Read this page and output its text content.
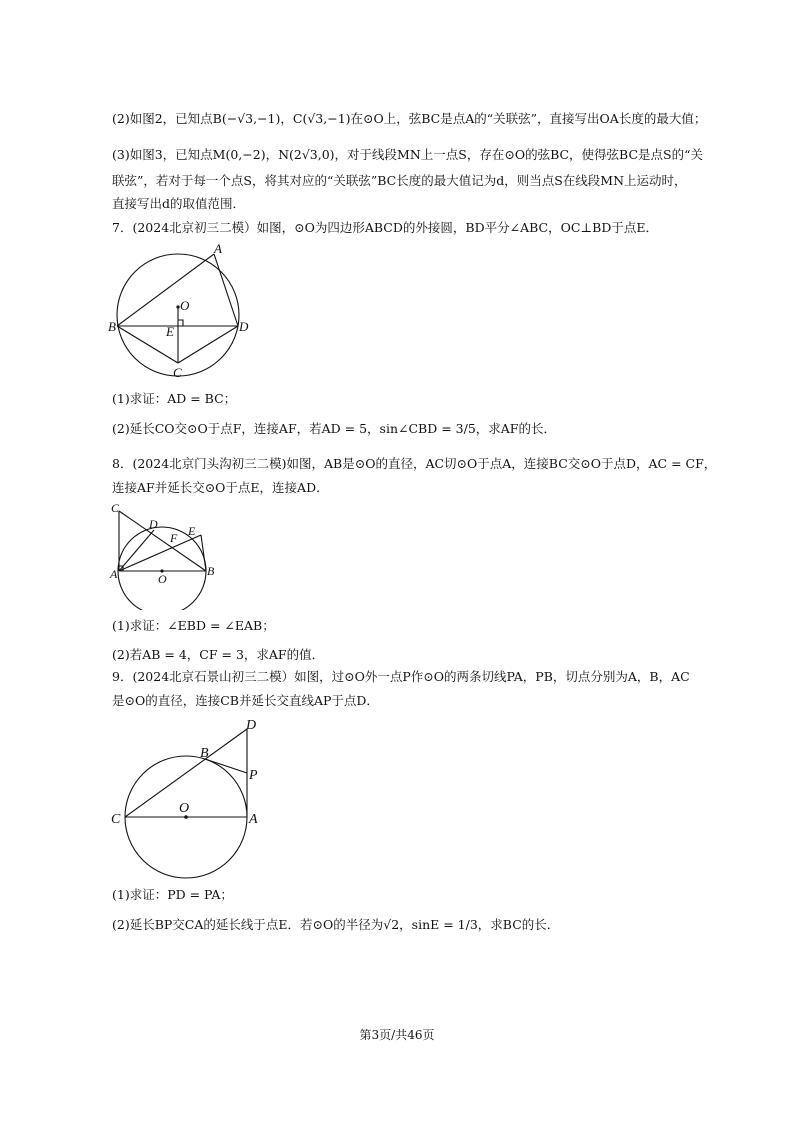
(2)如图2，已知点B(−√3,−1)，C(√3,−1)在⊙O上，弦BC是点A的“关联弦”，直接写出OA长度的最大值；
(3)如图3，已知点M(0,−2)，N(2√3,0)，对于线段MN上一点S，存在⊙O的弦BC，使得弦BC是点S的“关
联弦”，若对于每一个点S，将其对应的“关联弦”BC长度的最大值记为d，则当点S在线段MN上运动时，
直接写出d的取值范围．
7．(2024北京初三二模）如图，⊙O为四边形ABCD的外接圆，BD平分∠ABC，OC⊥BD于点E．
A
B
C
D
E
O
(1)求证：AD = BC；
(2)延长CO交⊙O于点F，连接AF，若AD = 5，sin∠CBD = 3/5，求AF的长．
8．(2024北京门头沟初三二模)如图，AB是⊙O的直径，AC切⊙O于点A，连接BC交⊙O于点D，AC = CF，
连接AF并延长交⊙O于点E，连接AD．
C
D	E
F
A	B
O
(1)求证：∠EBD = ∠EAB；
(2)若AB = 4，CF = 3，求AF的值．
9．(2024北京石景山初三二模）如图，过⊙O外一点P作⊙O的两条切线PA，PB，切点分别为A，B，AC
是⊙O的直径，连接CB并延长交直线AP于点D．
D
B
P
O
C	A
(1)求证：PD = PA；
(2)延长BP交CA的延长线于点E．若⊙O的半径为√2，sinE = 1/3，求BC的长．
第3页/共46页
